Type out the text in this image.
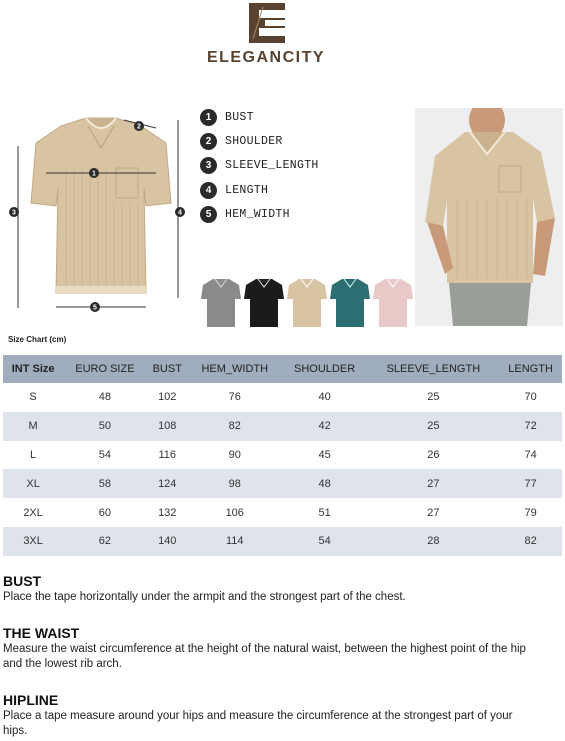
ELEGANCITY
1
2
3	4
5
1	BUST
2	SHOULDER
3	SLEEVE_LENGTH
4	LENGTH
5	HEM_WIDTH
Size Chart (cm)
INT Size	EURO SIZE	BUST	HEM_WIDTH	SHOULDER	SLEEVE_LENGTH	LENGTH
S	48	102	76	40	25	70
M	50	108	82	42	25	72
L	54	116	90	45	26	74
XL	58	124	98	48	27	77
2XL	60	132	106	51	27	79
3XL	62	140	114	54	28	82
BUST

Place the tape horizontally under the armpit and the strongest part of the chest.

THE WAIST

Measure the waist circumference at the height of the natural waist, between the highest point of the hip and the lowest rib arch.

HIPLINE

Place a tape measure around your hips and measure the circumference at the strongest part of your hips.
